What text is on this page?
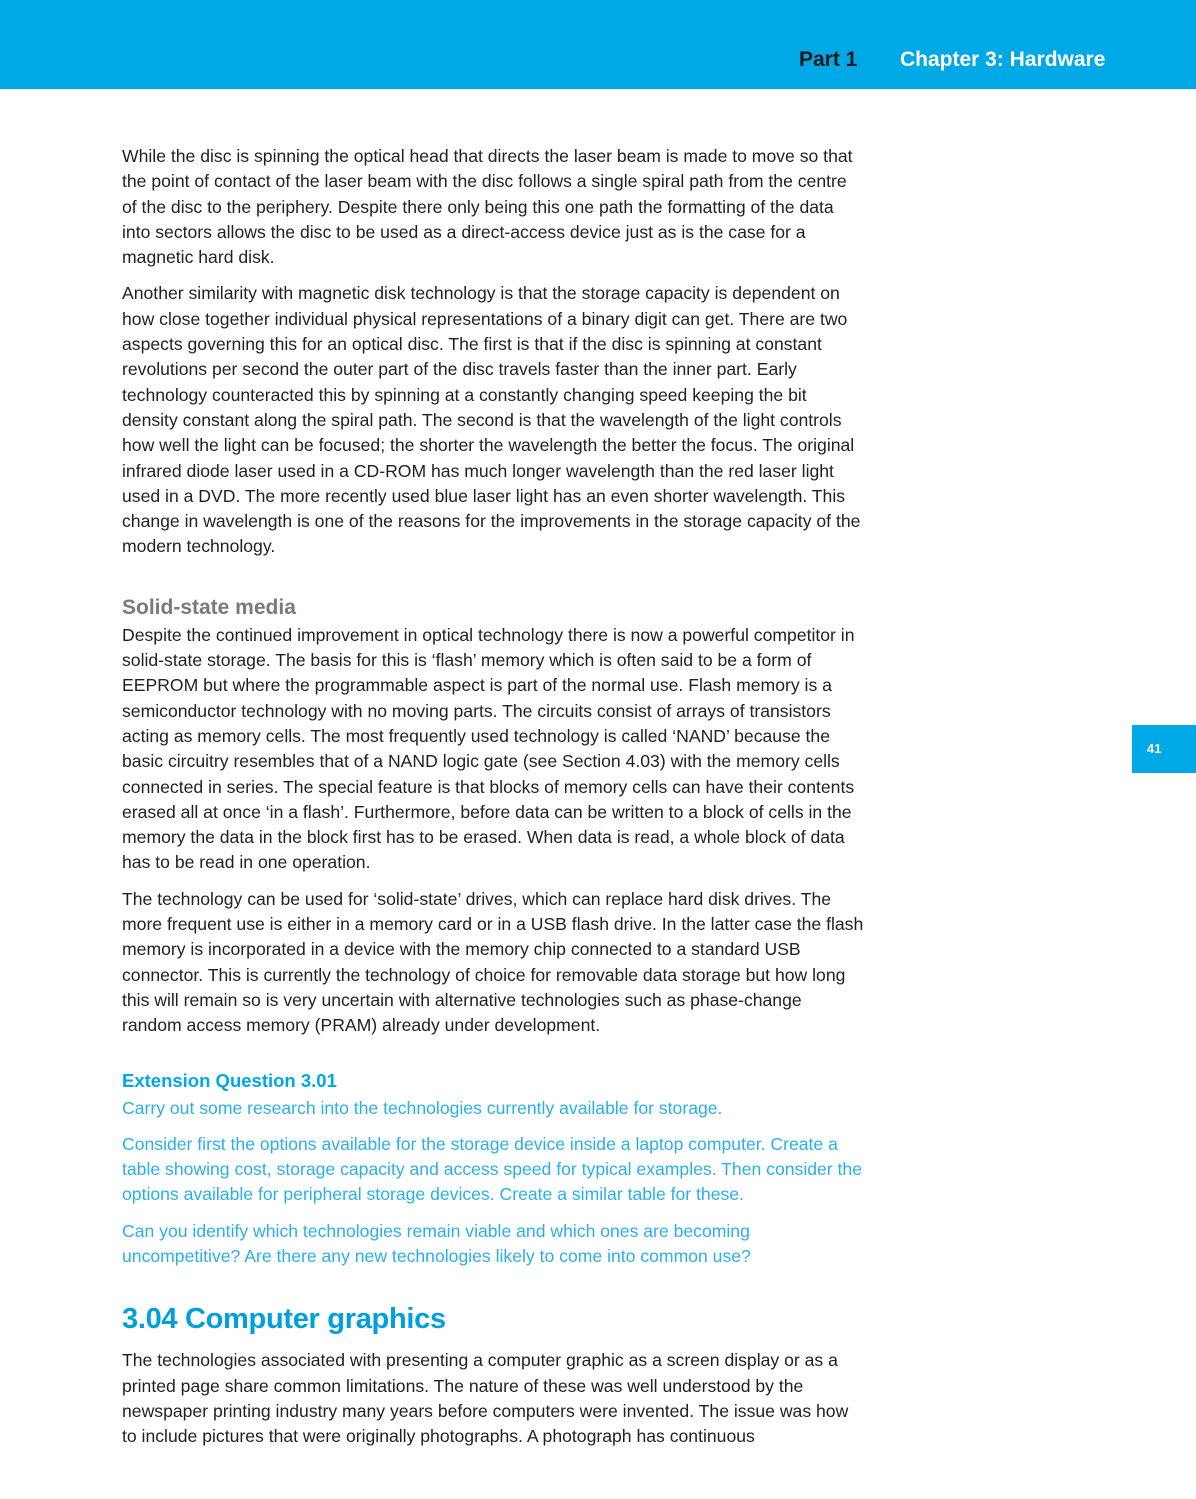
Part 1 Chapter 3: Hardware
41

While the disc is spinning the optical head that directs the laser beam is made to move so that the point of contact of the laser beam with the disc follows a single spiral path from the centre of the disc to the periphery. Despite there only being this one path the formatting of the data into sectors allows the disc to be used as a direct-access device just as is the case for a magnetic hard disk.

Another similarity with magnetic disk technology is that the storage capacity is dependent on how close together individual physical representations of a binary digit can get. There are two aspects governing this for an optical disc. The first is that if the disc is spinning at constant revolutions per second the outer part of the disc travels faster than the inner part. Early technology counteracted this by spinning at a constantly changing speed keeping the bit density constant along the spiral path. The second is that the wavelength of the light controls how well the light can be focused; the shorter the wavelength the better the focus. The original infrared diode laser used in a CD-ROM has much longer wavelength than the red laser light used in a DVD. The more recently used blue laser light has an even shorter wavelength. This change in wavelength is one of the reasons for the improvements in the storage capacity of the modern technology.

Solid-state media

Despite the continued improvement in optical technology there is now a powerful competitor in solid-state storage. The basis for this is ‘flash’ memory which is often said to be a form of EEPROM but where the programmable aspect is part of the normal use. Flash memory is a semiconductor technology with no moving parts. The circuits consist of arrays of transistors acting as memory cells. The most frequently used technology is called ‘NAND’ because the basic circuitry resembles that of a NAND logic gate (see Section 4.03) with the memory cells connected in series. The special feature is that blocks of memory cells can have their contents erased all at once ‘in a flash’. Furthermore, before data can be written to a block of cells in the memory the data in the block first has to be erased. When data is read, a whole block of data has to be read in one operation.

The technology can be used for ‘solid-state’ drives, which can replace hard disk drives. The more frequent use is either in a memory card or in a USB flash drive. In the latter case the flash memory is incorporated in a device with the memory chip connected to a standard USB connector. This is currently the technology of choice for removable data storage but how long this will remain so is very uncertain with alternative technologies such as phase-change random access memory (PRAM) already under development.

Extension Question 3.01

Carry out some research into the technologies currently available for storage.

Consider first the options available for the storage device inside a laptop computer. Create a table showing cost, storage capacity and access speed for typical examples. Then consider the options available for peripheral storage devices. Create a similar table for these.

Can you identify which technologies remain viable and which ones are becoming uncompetitive? Are there any new technologies likely to come into common use?

3.04 Computer graphics

The technologies associated with presenting a computer graphic as a screen display or as a printed page share common limitations. The nature of these was well understood by the newspaper printing industry many years before computers were invented. The issue was how to include pictures that were originally photographs. A photograph has continuous
